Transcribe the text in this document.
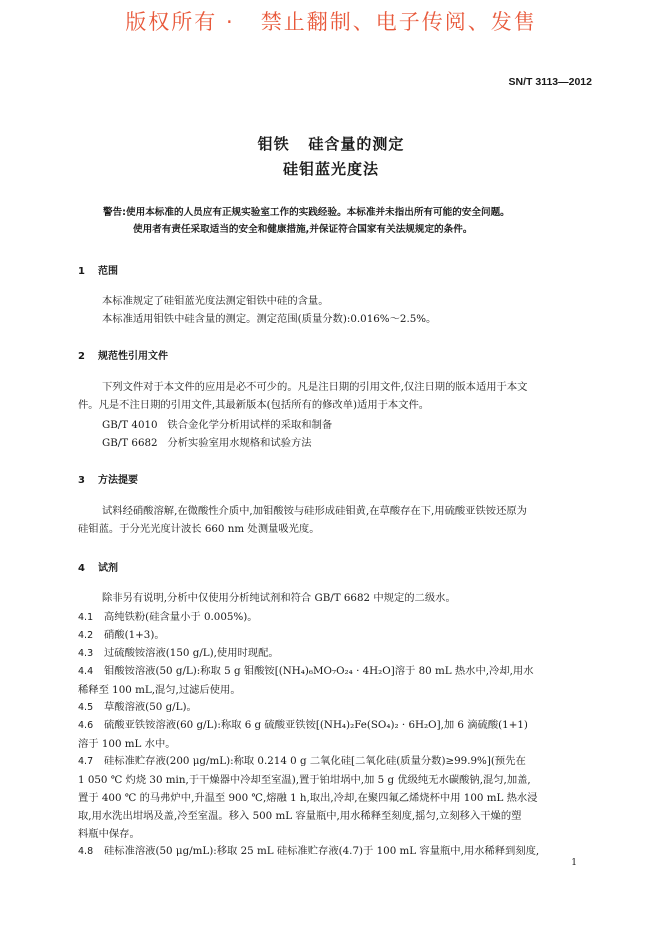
版权所有 ·   禁止翻制、电子传阅、发售
SN/T 3113—2012
钼铁   硅含量的测定
硅钼蓝光度法
警告:使用本标准的人员应有正规实验室工作的实践经验。本标准并未指出所有可能的安全问题。
使用者有责任采取适当的安全和健康措施,并保证符合国家有关法规规定的条件。
1 范围
本标准规定了硅钼蓝光度法测定钼铁中硅的含量。
本标准适用钼铁中硅含量的测定。测定范围(质量分数):0.016%～2.5%。
2 规范性引用文件
下列文件对于本文件的应用是必不可少的。凡是注日期的引用文件,仅注日期的版本适用于本文
件。凡是不注日期的引用文件,其最新版本(包括所有的修改单)适用于本文件。
GB/T 4010   铁合金化学分析用试样的采取和制备
GB/T 6682   分析实验室用水规格和试验方法
3 方法提要
试料经硝酸溶解,在微酸性介质中,加钼酸铵与硅形成硅钼黄,在草酸存在下,用硫酸亚铁铵还原为
硅钼蓝。于分光光度计波长 660 nm 处测量吸光度。
4 试剂
除非另有说明,分析中仅使用分析纯试剂和符合 GB/T 6682 中规定的二级水。
4.1 高纯铁粉(硅含量小于 0.005%)。
4.2 硝酸(1+3)。
4.3 过硫酸铵溶液(150 g/L),使用时现配。
4.4 钼酸铵溶液(50 g/L):称取 5 g 钼酸铵[(NH₄)₆MO₇O₂₄ · 4H₂O]溶于 80 mL 热水中,冷却,用水
稀释至 100 mL,混匀,过滤后使用。
4.5 草酸溶液(50 g/L)。
4.6 硫酸亚铁铵溶液(60 g/L):称取 6 g 硫酸亚铁铵[(NH₄)₂Fe(SO₄)₂ · 6H₂O],加 6 滴硫酸(1+1)
溶于 100 mL 水中。
4.7 硅标准贮存液(200 μg/mL):称取 0.214 0 g 二氧化硅[二氧化硅(质量分数)≥99.9%](预先在
1 050 ℃ 灼烧 30 min,于干燥器中冷却至室温),置于铂坩埚中,加 5 g 优级纯无水碳酸钠,混匀,加盖,
置于 400 ℃ 的马弗炉中,升温至 900 ℃,熔融 1 h,取出,冷却,在聚四氟乙烯烧杯中用 100 mL 热水浸
取,用水洗出坩埚及盖,冷至室温。移入 500 mL 容量瓶中,用水稀释至刻度,摇匀,立刻移入干燥的塑
料瓶中保存。
4.8 硅标准溶液(50 μg/mL):移取 25 mL 硅标准贮存液(4.7)于 100 mL 容量瓶中,用水稀释到刻度,
1
